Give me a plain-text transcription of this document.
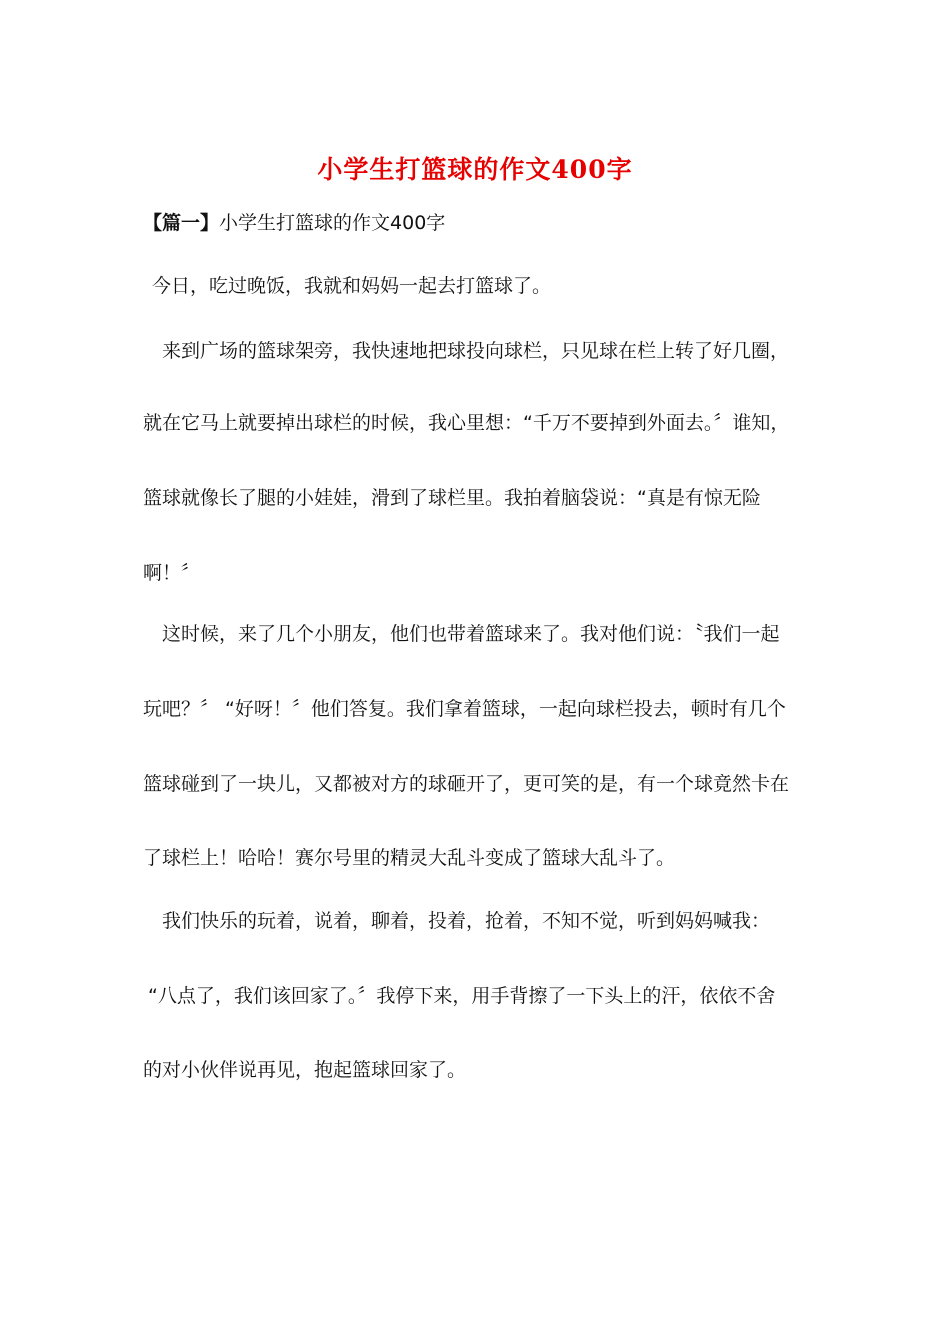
小学生打篮球的作文400字
【篇一】小学生打篮球的作文400字
今日，吃过晚饭，我就和妈妈一起去打篮球了。
来到广场的篮球架旁，我快速地把球投向球栏，只见球在栏上转了好几圈，
就在它马上就要掉出球栏的时候，我心里想：“千万不要掉到外面去。〞谁知，
篮球就像长了腿的小娃娃，滑到了球栏里。我拍着脑袋说：“真是有惊无险
啊！〞
这时候，来了几个小朋友，他们也带着篮球来了。我对他们说：〝我们一起
玩吧？〞 “好呀！〞他们答复。我们拿着篮球，一起向球栏投去，顿时有几个
篮球碰到了一块儿，又都被对方的球砸开了，更可笑的是，有一个球竟然卡在
了球栏上！哈哈！赛尔号里的精灵大乱斗变成了篮球大乱斗了。
我们快乐的玩着，说着，聊着，投着，抢着，不知不觉，听到妈妈喊我：
“八点了，我们该回家了。〞我停下来，用手背擦了一下头上的汗，依依不舍
的对小伙伴说再见，抱起篮球回家了。
